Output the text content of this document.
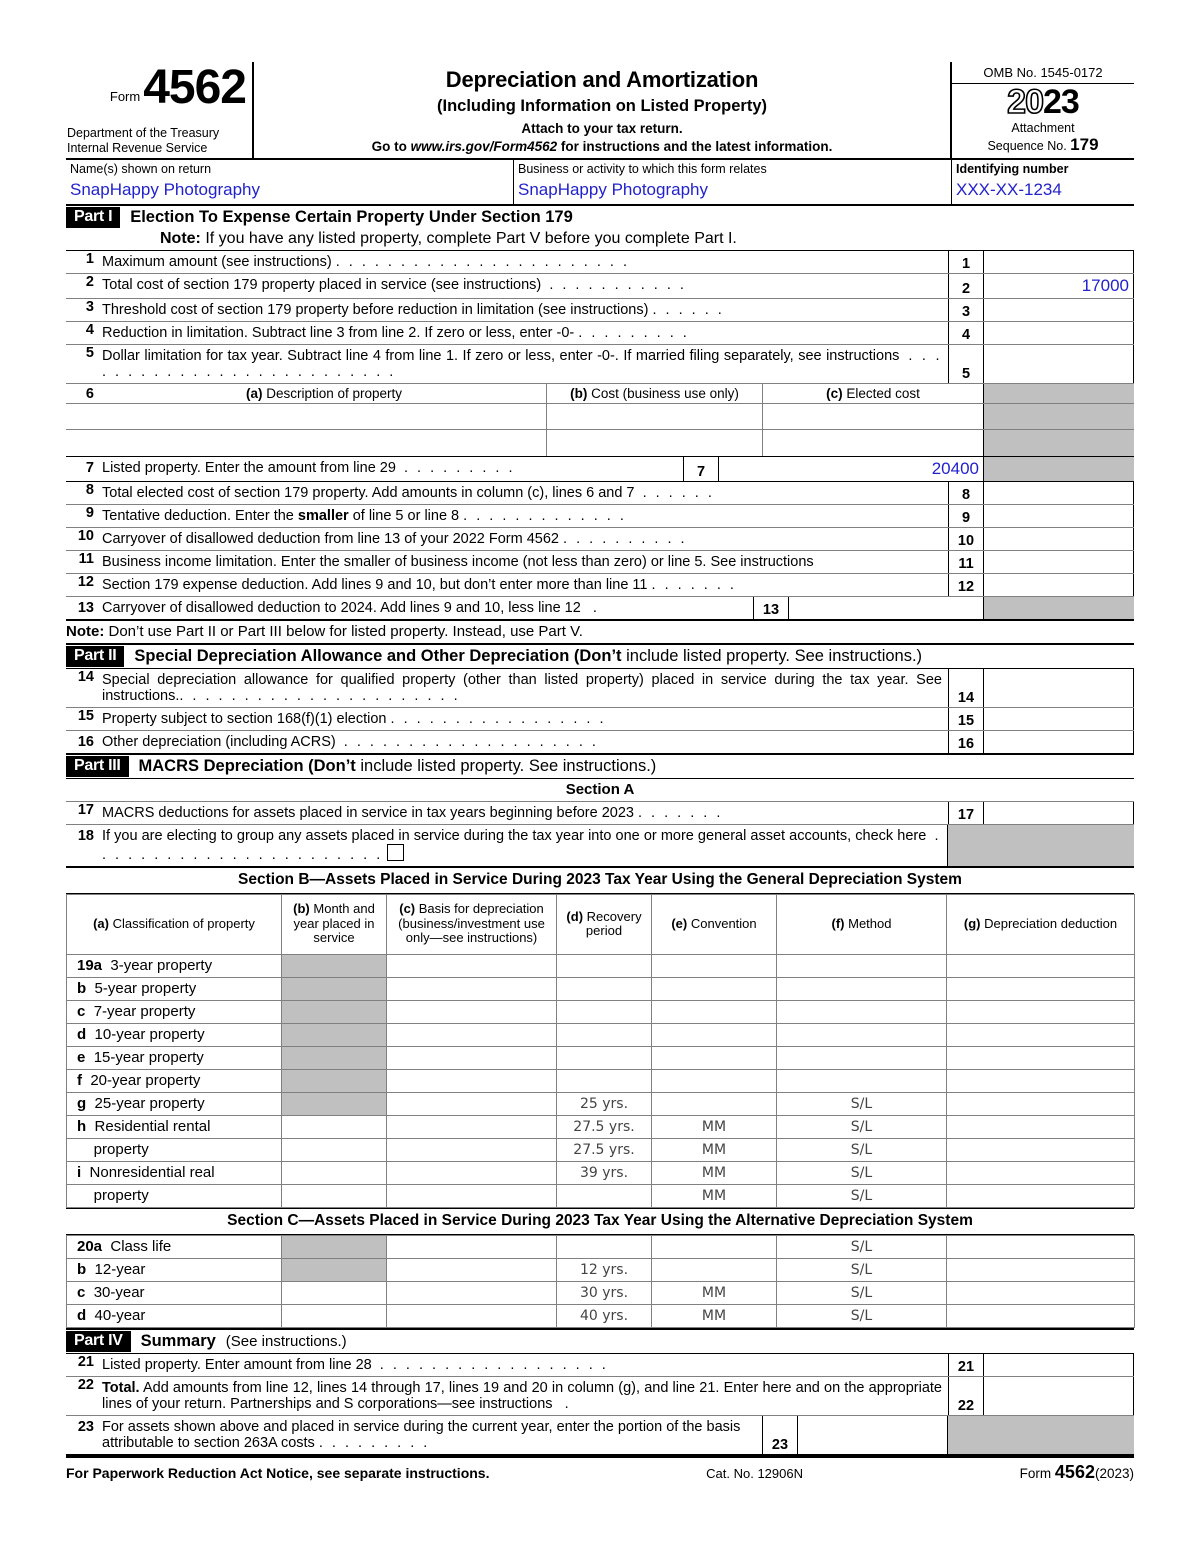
Form 4562
Department of the Treasury
Internal Revenue Service
Depreciation and Amortization
(Including Information on Listed Property)
Attach to your tax return.
Go to www.irs.gov/Form4562 for instructions and the latest information.
OMB No. 1545-0172
2023
Attachment
Sequence No. 179
Name(s) shown on return
SnapHappy Photography
Business or activity to which this form relates
SnapHappy Photography
Identifying number
XXX-XX-1234
Part I	Election To Expense Certain Property Under Section 179
Note: If you have any listed property, complete Part V before you complete Part I.
1 Maximum amount (see instructions) . . . . . . . . . . . . . . . . . . . . . . .	1
2 Total cost of section 179 property placed in service (see instructions) . . . . . . . . . . .	2	17000
3 Threshold cost of section 179 property before reduction in limitation (see instructions) . . . . . .	3
4 Reduction in limitation. Subtract line 3 from line 2. If zero or less, enter -0- . . . . . . . . .	4
5 Dollar limitation for tax year. Subtract line 4 from line 1. If zero or less, enter -0-. If married filing separately, see instructions . . . . . . . . . . . . . . . . . . . . . . . . . .	5
6	(a) Description of property	(b) Cost (business use only)	(c) Elected cost
7 Listed property. Enter the amount from line 29 . . . . . . . . .	7	20400
8 Total elected cost of section 179 property. Add amounts in column (c), lines 6 and 7 . . . . . .	8
9 Tentative deduction. Enter the smaller of line 5 or line 8 . . . . . . . . . . . . .	9
10 Carryover of disallowed deduction from line 13 of your 2022 Form 4562 . . . . . . . . . .	10
11 Business income limitation. Enter the smaller of business income (not less than zero) or line 5. See instructions	11
12 Section 179 expense deduction. Add lines 9 and 10, but don’t enter more than line 11 . . . . . . .	12
13 Carryover of disallowed deduction to 2024. Add lines 9 and 10, less line 12 .	13
Note: Don’t use Part II or Part III below for listed property. Instead, use Part V.
Part II	Special Depreciation Allowance and Other Depreciation (Don’t include listed property. See instructions.)
14 Special depreciation allowance for qualified property (other than listed property) placed in service during the tax year. See instructions.. . . . . . . . . . . . . . . . . . . . . .	14
15 Property subject to section 168(f)(1) election . . . . . . . . . . . . . . . . .	15
16 Other depreciation (including ACRS) . . . . . . . . . . . . . . . . . . . .	16
Part III	MACRS Depreciation (Don’t include listed property. See instructions.)
Section A
17 MACRS deductions for assets placed in service in tax years beginning before 2023 . . . . . . .	17
18 If you are electing to group any assets placed in service during the tax year into one or more general asset accounts, check here . . . . . . . . . . . . . . . . . . . . . . .
Section B—Assets Placed in Service During 2023 Tax Year Using the General Depreciation System
(a) Classification of property	(b) Month and year placed in service	(c) Basis for depreciation (business/investment use only—see instructions)	(d) Recovery period	(e) Convention	(f) Method	(g) Depreciation deduction
19a 3-year property						
b 5-year property						
c 7-year property						
d 10-year property						
e 15-year property						
f 20-year property						
g 25-year property			25 yrs.		S/L	
h Residential rental			27.5 yrs.	MM	S/L	
property			27.5 yrs.	MM	S/L	
i Nonresidential real			39 yrs.	MM	S/L	
property				MM	S/L	
Section C—Assets Placed in Service During 2023 Tax Year Using the Alternative Depreciation System
20a Class life					S/L	
b 12-year			12 yrs.		S/L	
c 30-year			30 yrs.	MM	S/L	
d 40-year			40 yrs.	MM	S/L	
Part IV	Summary (See instructions.)
21 Listed property. Enter amount from line 28 . . . . . . . . . . . . . . . . . .	21
22 Total. Add amounts from line 12, lines 14 through 17, lines 19 and 20 in column (g), and line 21. Enter here and on the appropriate lines of your return. Partnerships and S corporations—see instructions .	22
23 For assets shown above and placed in service during the current year, enter the portion of the basis attributable to section 263A costs . . . . . . . . .	23
For Paperwork Reduction Act Notice, see separate instructions.	Cat. No. 12906N	Form 4562(2023)
